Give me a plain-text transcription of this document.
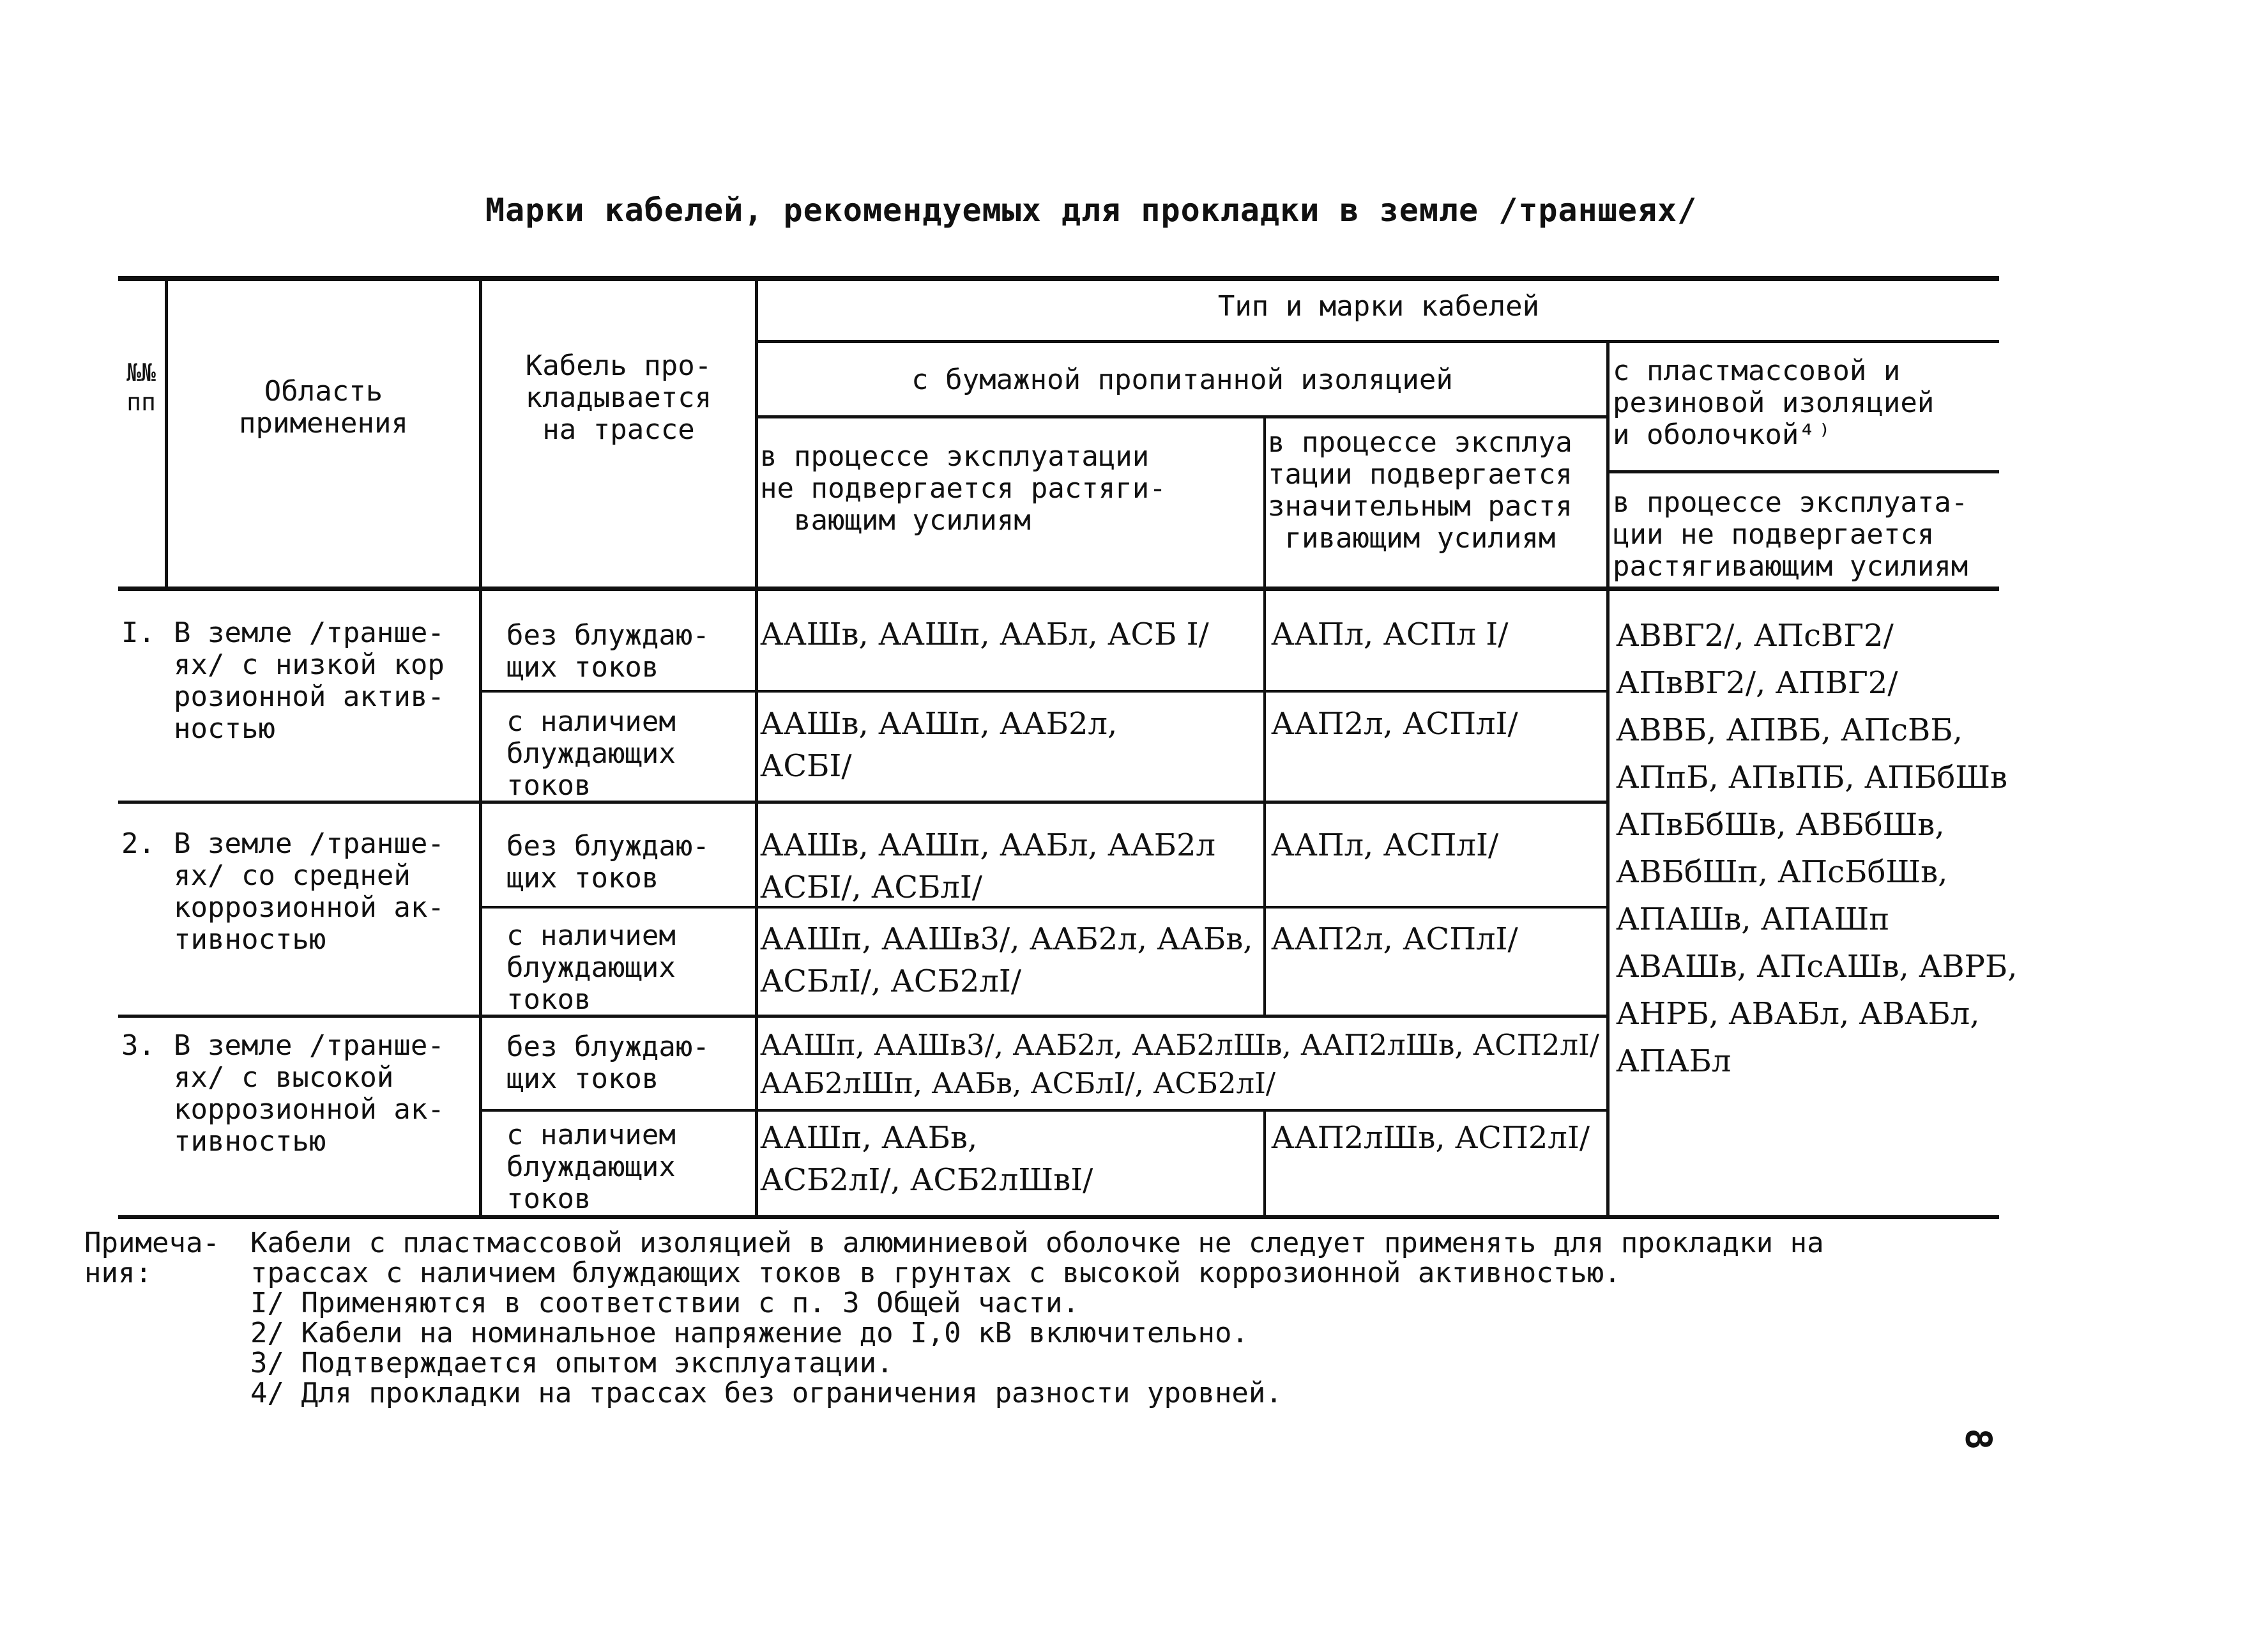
Марки кабелей, рекомендуемых для прокладки в земле /траншеях/
№№
пп	Область
применения
Кабель про-
кладывается
на трассе
Тип и марки кабелей
с бумажной пропитанной изоляцией
в процессе эксплуатации
не подвергается растяги-
вающим усилиям
в процессе эксплуа
тации подвергается
значительным растя
гивающим усилиям
с пластмассовой и
резиновой изоляцией
и оболочкой⁴⁾
в процессе эксплуата-
ции не подвергается
растягивающим усилиям
I. В земле /транше-
ях/ с низкой кор
розионной актив-
ностью
без блуждаю-
щих токов
ААШв, ААШп, ААБл, АСБ I/	ААПл, АСПл I/
с наличием
блуждающих
токов
ААШв, ААШп, ААБ2л,
АСБI/
ААП2л, АСПлI/
2. В земле /транше-
ях/ со средней
коррозионной ак-
тивностью
без блуждаю-
щих токов
ААШв, ААШп, ААБл, ААБ2л
АСБI/, АСБлI/
ААПл, АСПлI/
с наличием
блуждающих
токов
ААШп, ААШв3/, ААБ2л, ААБв,
АСБлI/, АСБ2лI/
ААП2л, АСПлI/
3. В земле /транше-
ях/ с высокой
коррозионной ак-
тивностью
без блуждаю-
щих токов
ААШп, ААШв3/, ААБ2л, ААБ2лШв, ААП2лШв, АСП2лI/
ААБ2лШп, ААБв, АСБлI/, АСБ2лI/
с наличием
блуждающих
токов
ААШп, ААБв,
АСБ2лI/, АСБ2лШвI/
ААП2лШв, АСП2лI/
АВВГ2/, АПсВГ2/
АПвВГ2/, АПВГ2/
АВВБ, АПВБ, АПсВБ,
АПпБ, АПвПБ, АПБбШв
АПвБбШв, АВБбШв,
АВБбШп, АПсБбШв,
АПАШв, АПАШп
АВАШв, АПсАШв, АВРБ,
АНРБ, АВАБл, АВАБл,
АПАБл
Примеча-
ния:
Кабели с пластмассовой изоляцией в алюминиевой оболочке не следует применять для прокладки на
трассах с наличием блуждающих токов в грунтах с высокой коррозионной активностью.
I/ Применяются в соответствии с п. 3 Общей части.
2/ Кабели на номинальное напряжение до I,0 кВ включительно.
3/ Подтверждается опытом эксплуатации.
4/ Для прокладки на трассах без ограничения разности уровней.
8
